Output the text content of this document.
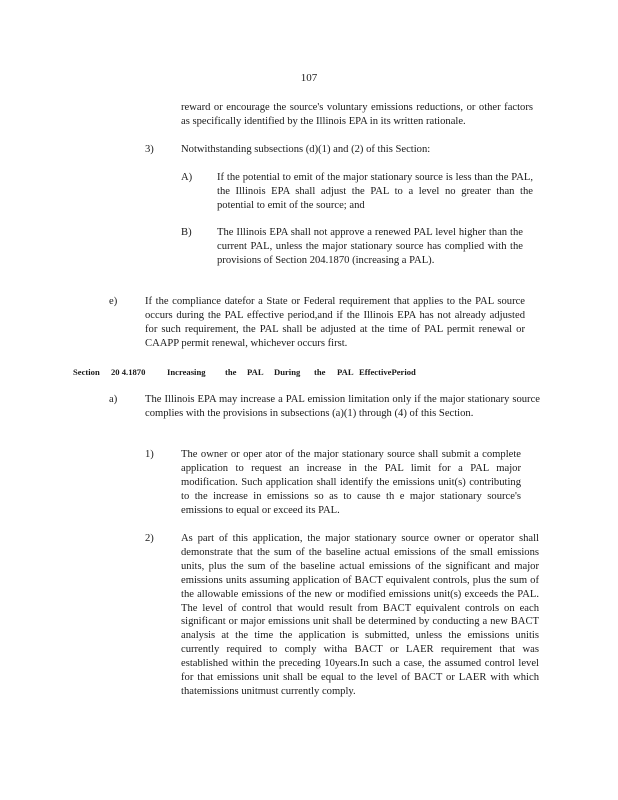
107
reward or encourage the source's voluntary emissions reductions, or other factors as specifically identified by the Illinois EPA in its written rationale.
3)	Notwithstanding subsections (d)(1) and (2) of this Section:
A) If the potential to emit of the major stationary source is less than the PAL, the Illinois EPA shall adjust the PAL to a level no greater than the potential to emit of the source; and
B) The Illinois EPA shall not approve a renewed PAL level higher than the current PAL, unless the major stationary source has complied with the provisions of Section 204.1870 (increasing a PAL).
e)	If the compliance datefor a State or Federal requirement that applies to the PAL source occurs during the PAL effective period,and if the Illinois EPA has not already adjusted for such requirement, the PAL shall be adjusted at the time of PAL permit renewal or CAAPP permit renewal, whichever occurs first.
Section 20 4.1870	Increasing the PAL During the PAL EffectivePeriod
a)	The Illinois EPA may increase a PAL emission limitation only if the major stationary source complies with the provisions in subsections (a)(1) through (4) of this Section.
1)	The owner or oper ator of the major stationary source shall submit a complete application to request an increase in the PAL limit for a PAL major modification. Such application shall identify the emissions unit(s) contributing to the increase in emissions so as to cause th e major stationary source's emissions to equal or exceed its PAL.
2)	As part of this application, the major stationary source owner or operator shall demonstrate that the sum of the baseline actual emissions of the small emissions units, plus the sum of the baseline actual emissions of the significant and major emissions units assuming application of BACT equivalent controls, plus the sum of the allowable emissions of the new or modified emissions unit(s) exceeds the PAL. The level of control that would result from BACT equivalent controls on each significant or major emissions unit shall be determined by conducting a new BACT analysis at the time the application is submitted, unless the emissions unitis currently required to comply witha BACT or LAER requirement that was established within the preceding 10years.In such a case, the assumed control level for that emissions unit shall be equal to the level of BACT or LAER with which thatemissions unitmust currently comply.
